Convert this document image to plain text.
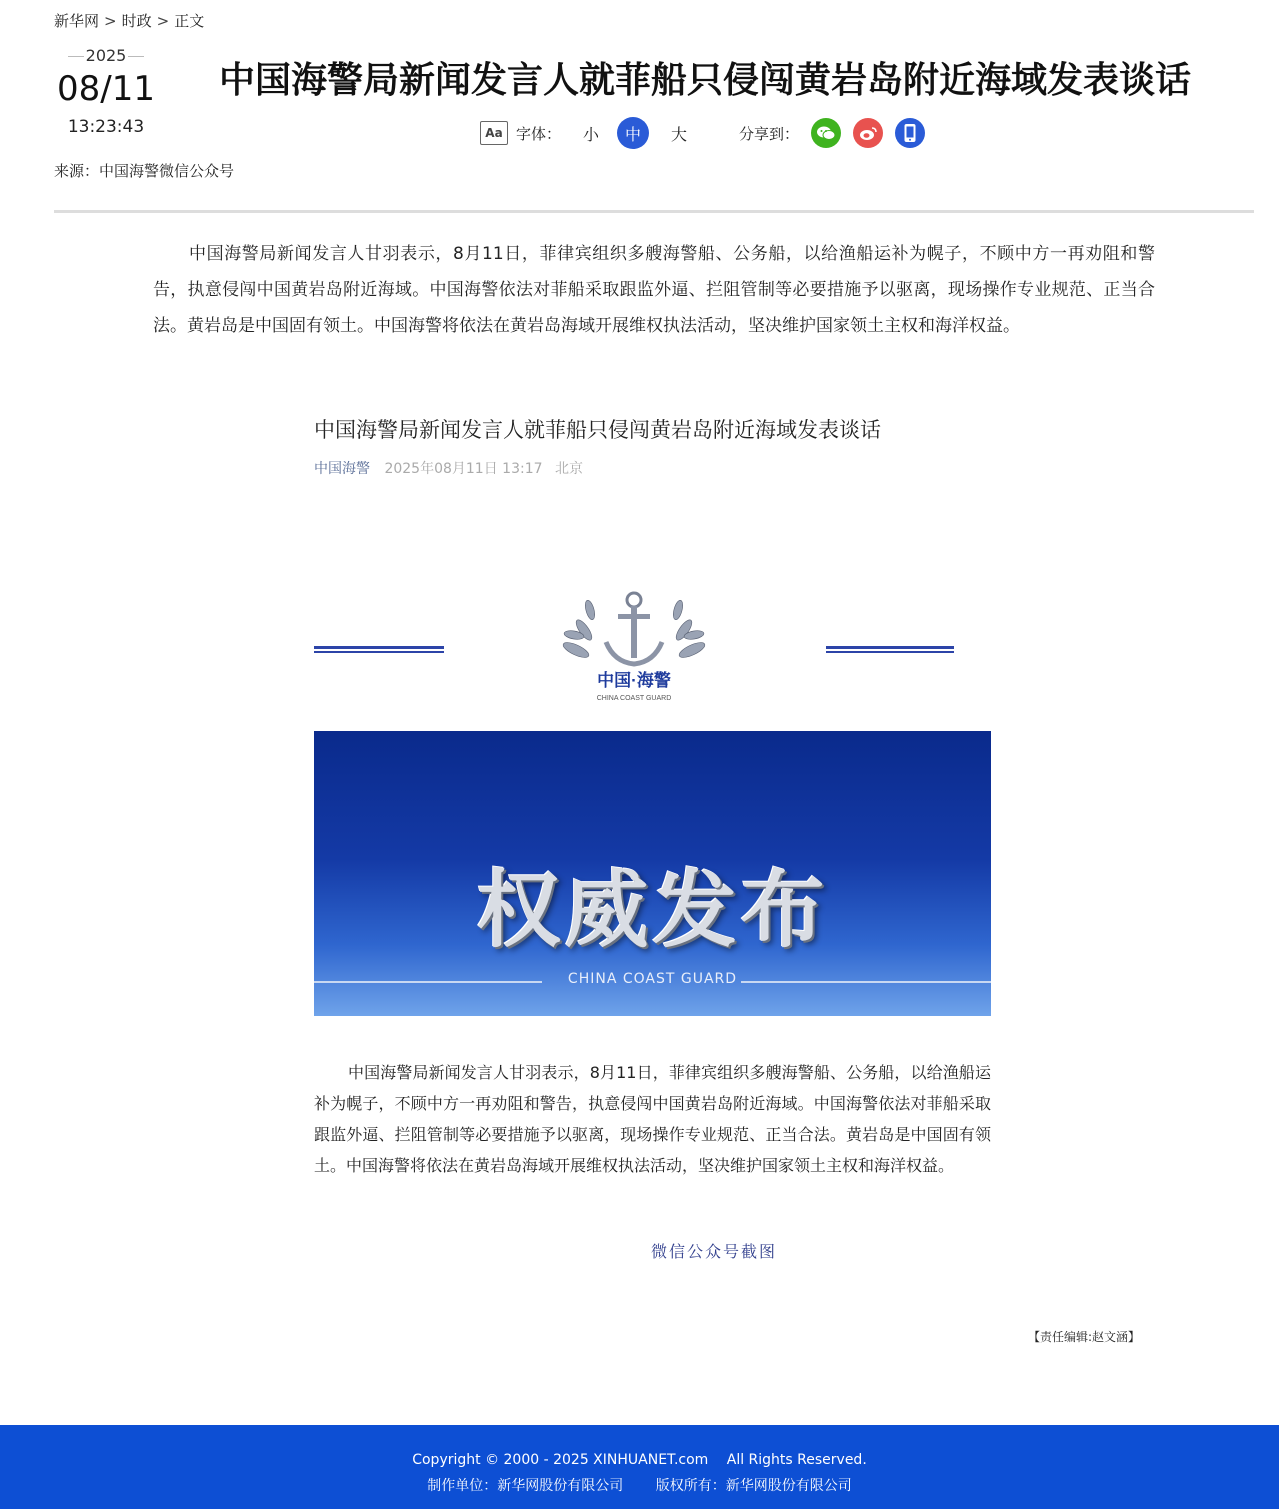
新华网 > 时政 > 正文
2025
08/11
13:23:43
来源：中国海警微信公众号
中国海警局新闻发言人就菲船只侵闯黄岩岛附近海域发表谈话
Aa 字体： 小	中	大	分享到：

中国海警局新闻发言人甘羽表示，8月11日，菲律宾组织多艘海警船、公务船，以给渔船运补为幌子，不顾中方一再劝阻和警告，执意侵闯中国黄岩岛附近海域。中国海警依法对菲船采取跟监外逼、拦阻管制等必要措施予以驱离，现场操作专业规范、正当合法。黄岩岛是中国固有领土。中国海警将依法在黄岩岛海域开展维权执法活动，坚决维护国家领土主权和海洋权益。

中国海警局新闻发言人就菲船只侵闯黄岩岛附近海域发表谈话
中国海警 2025年08月11日 13:17 北京
中国·海警
CHINA COAST GUARD
权威发布
CHINA COAST GUARD

中国海警局新闻发言人甘羽表示，8月11日，菲律宾组织多艘海警船、公务船，以给渔船运补为幌子，不顾中方一再劝阻和警告，执意侵闯中国黄岩岛附近海域。中国海警依法对菲船采取跟监外逼、拦阻管制等必要措施予以驱离，现场操作专业规范、正当合法。黄岩岛是中国固有领土。中国海警将依法在黄岩岛海域开展维权执法活动，坚决维护国家领土主权和海洋权益。

微信公众号截图
【责任编辑:赵文涵】
Copyright © 2000 - 2025 XINHUANET.com　 All Rights Reserved.
制作单位：新华网股份有限公司 版权所有：新华网股份有限公司
